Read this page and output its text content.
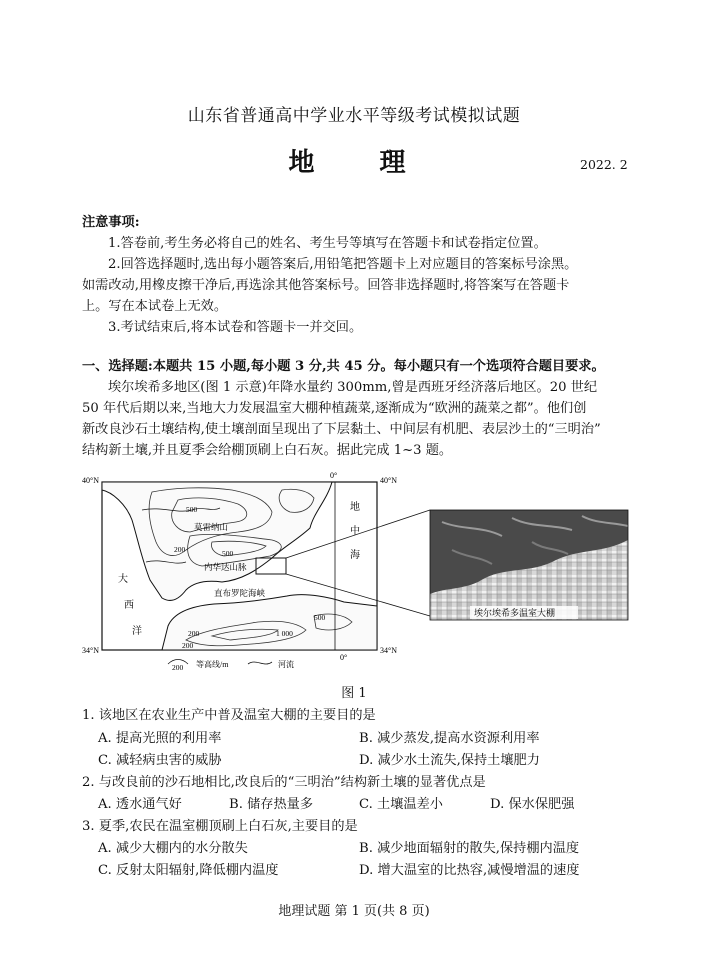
山东省普通高中学业水平等级考试模拟试题
地 理	2022. 2
注意事项:
1.答卷前,考生务必将自己的姓名、考生号等填写在答题卡和试卷指定位置。
2.回答选择题时,选出每小题答案后,用铅笔把答题卡上对应题目的答案标号涂黑。
如需改动,用橡皮擦干净后,再选涂其他答案标号。回答非选择题时,将答案写在答题卡
上。写在本试卷上无效。
3.考试结束后,将本试卷和答题卡一并交回。
一、选择题:本题共 15 小题,每小题 3 分,共 45 分。每小题只有一个选项符合题目要求。
埃尔埃希多地区(图 1 示意)年降水量约 300mm,曾是西班牙经济落后地区。20 世纪
50 年代后期以来,当地大力发展温室大棚种植蔬菜,逐渐成为“欧洲的蔬菜之都”。他们创
新改良沙石土壤结构,使土壤剖面呈现出了下层黏土、中间层有机肥、表层沙土的“三明治”
结构新土壤,并且夏季会给棚顶刷上白石灰。据此完成 1~3 题。
40°N	40°N
34°N	34°N
0°
0°
地
中
海
大
西
洋
直布罗陀海峡
莫雷纳山
内华达山脉
500
200	500
200
500
1 000
200
200 等高线/m	河流
埃尔埃希多温室大棚
图 1
1. 该地区在农业生产中普及温室大棚的主要目的是
A. 提高光照的利用率	B. 减少蒸发,提高水资源利用率
C. 减轻病虫害的威胁	D. 减少水土流失,保持土壤肥力
2. 与改良前的沙石地相比,改良后的“三明治”结构新土壤的显著优点是
A. 透水通气好	B. 储存热量多	C. 土壤温差小	D. 保水保肥强
3. 夏季,农民在温室棚顶刷上白石灰,主要目的是
A. 减少大棚内的水分散失	B. 减少地面辐射的散失,保持棚内温度
C. 反射太阳辐射,降低棚内温度	D. 增大温室的比热容,减慢增温的速度
地理试题 第 1 页(共 8 页)
